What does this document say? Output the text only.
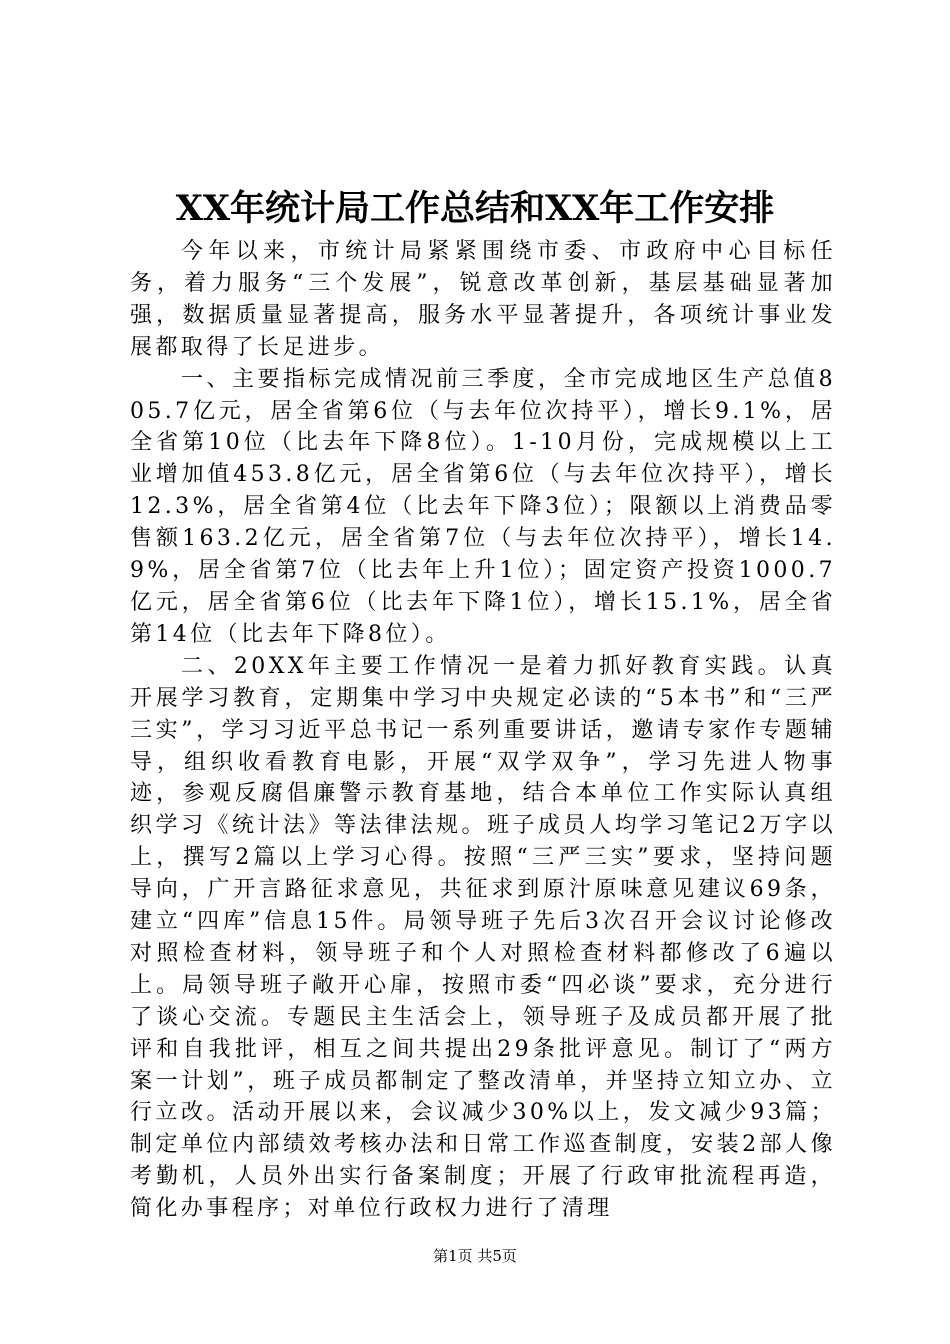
XX年统计局工作总结和XX年工作安排

今年以来，市统计局紧紧围绕市委、市政府中心目标任务，着力服务“三个发展”，锐意改革创新，基层基础显著加强，数据质量显著提高，服务水平显著提升，各项统计事业发展都取得了长足进步。

一、主要指标完成情况前三季度，全市完成地区生产总值805.7亿元，居全省第6位（与去年位次持平），增长9.1%，居全省第10位（比去年下降8位）。1-10月份，完成规模以上工业增加值453.8亿元，居全省第6位（与去年位次持平），增长12.3%，居全省第4位（比去年下降3位）；限额以上消费品零售额163.2亿元，居全省第7位（与去年位次持平），增长14.9%，居全省第7位（比去年上升1位）；固定资产投资1000.7亿元，居全省第6位（比去年下降1位），增长15.1%，居全省第14位（比去年下降8位）。

二、20XX年主要工作情况一是着力抓好教育实践。认真开展学习教育，定期集中学习中央规定必读的“5本书”和“三严三实”，学习习近平总书记一系列重要讲话，邀请专家作专题辅导，组织收看教育电影，开展“双学双争”，学习先进人物事迹，参观反腐倡廉警示教育基地，结合本单位工作实际认真组织学习《统计法》等法律法规。班子成员人均学习笔记2万字以上，撰写2篇以上学习心得。按照“三严三实”要求，坚持问题导向，广开言路征求意见，共征求到原汁原味意见建议69条，建立“四库”信息15件。局领导班子先后3次召开会议讨论修改对照检查材料，领导班子和个人对照检查材料都修改了6遍以上。局领导班子敞开心扉，按照市委“四必谈”要求，充分进行了谈心交流。专题民主生活会上，领导班子及成员都开展了批评和自我批评，相互之间共提出29条批评意见。制订了“两方案一计划”，班子成员都制定了整改清单，并坚持立知立办、立行立改。活动开展以来，会议减少30%以上，发文减少93篇；制定单位内部绩效考核办法和日常工作巡查制度，安装2部人像考勤机，人员外出实行备案制度；开展了行政审批流程再造，简化办事程序；对单位行政权力进行了清理

第1页 共5页
